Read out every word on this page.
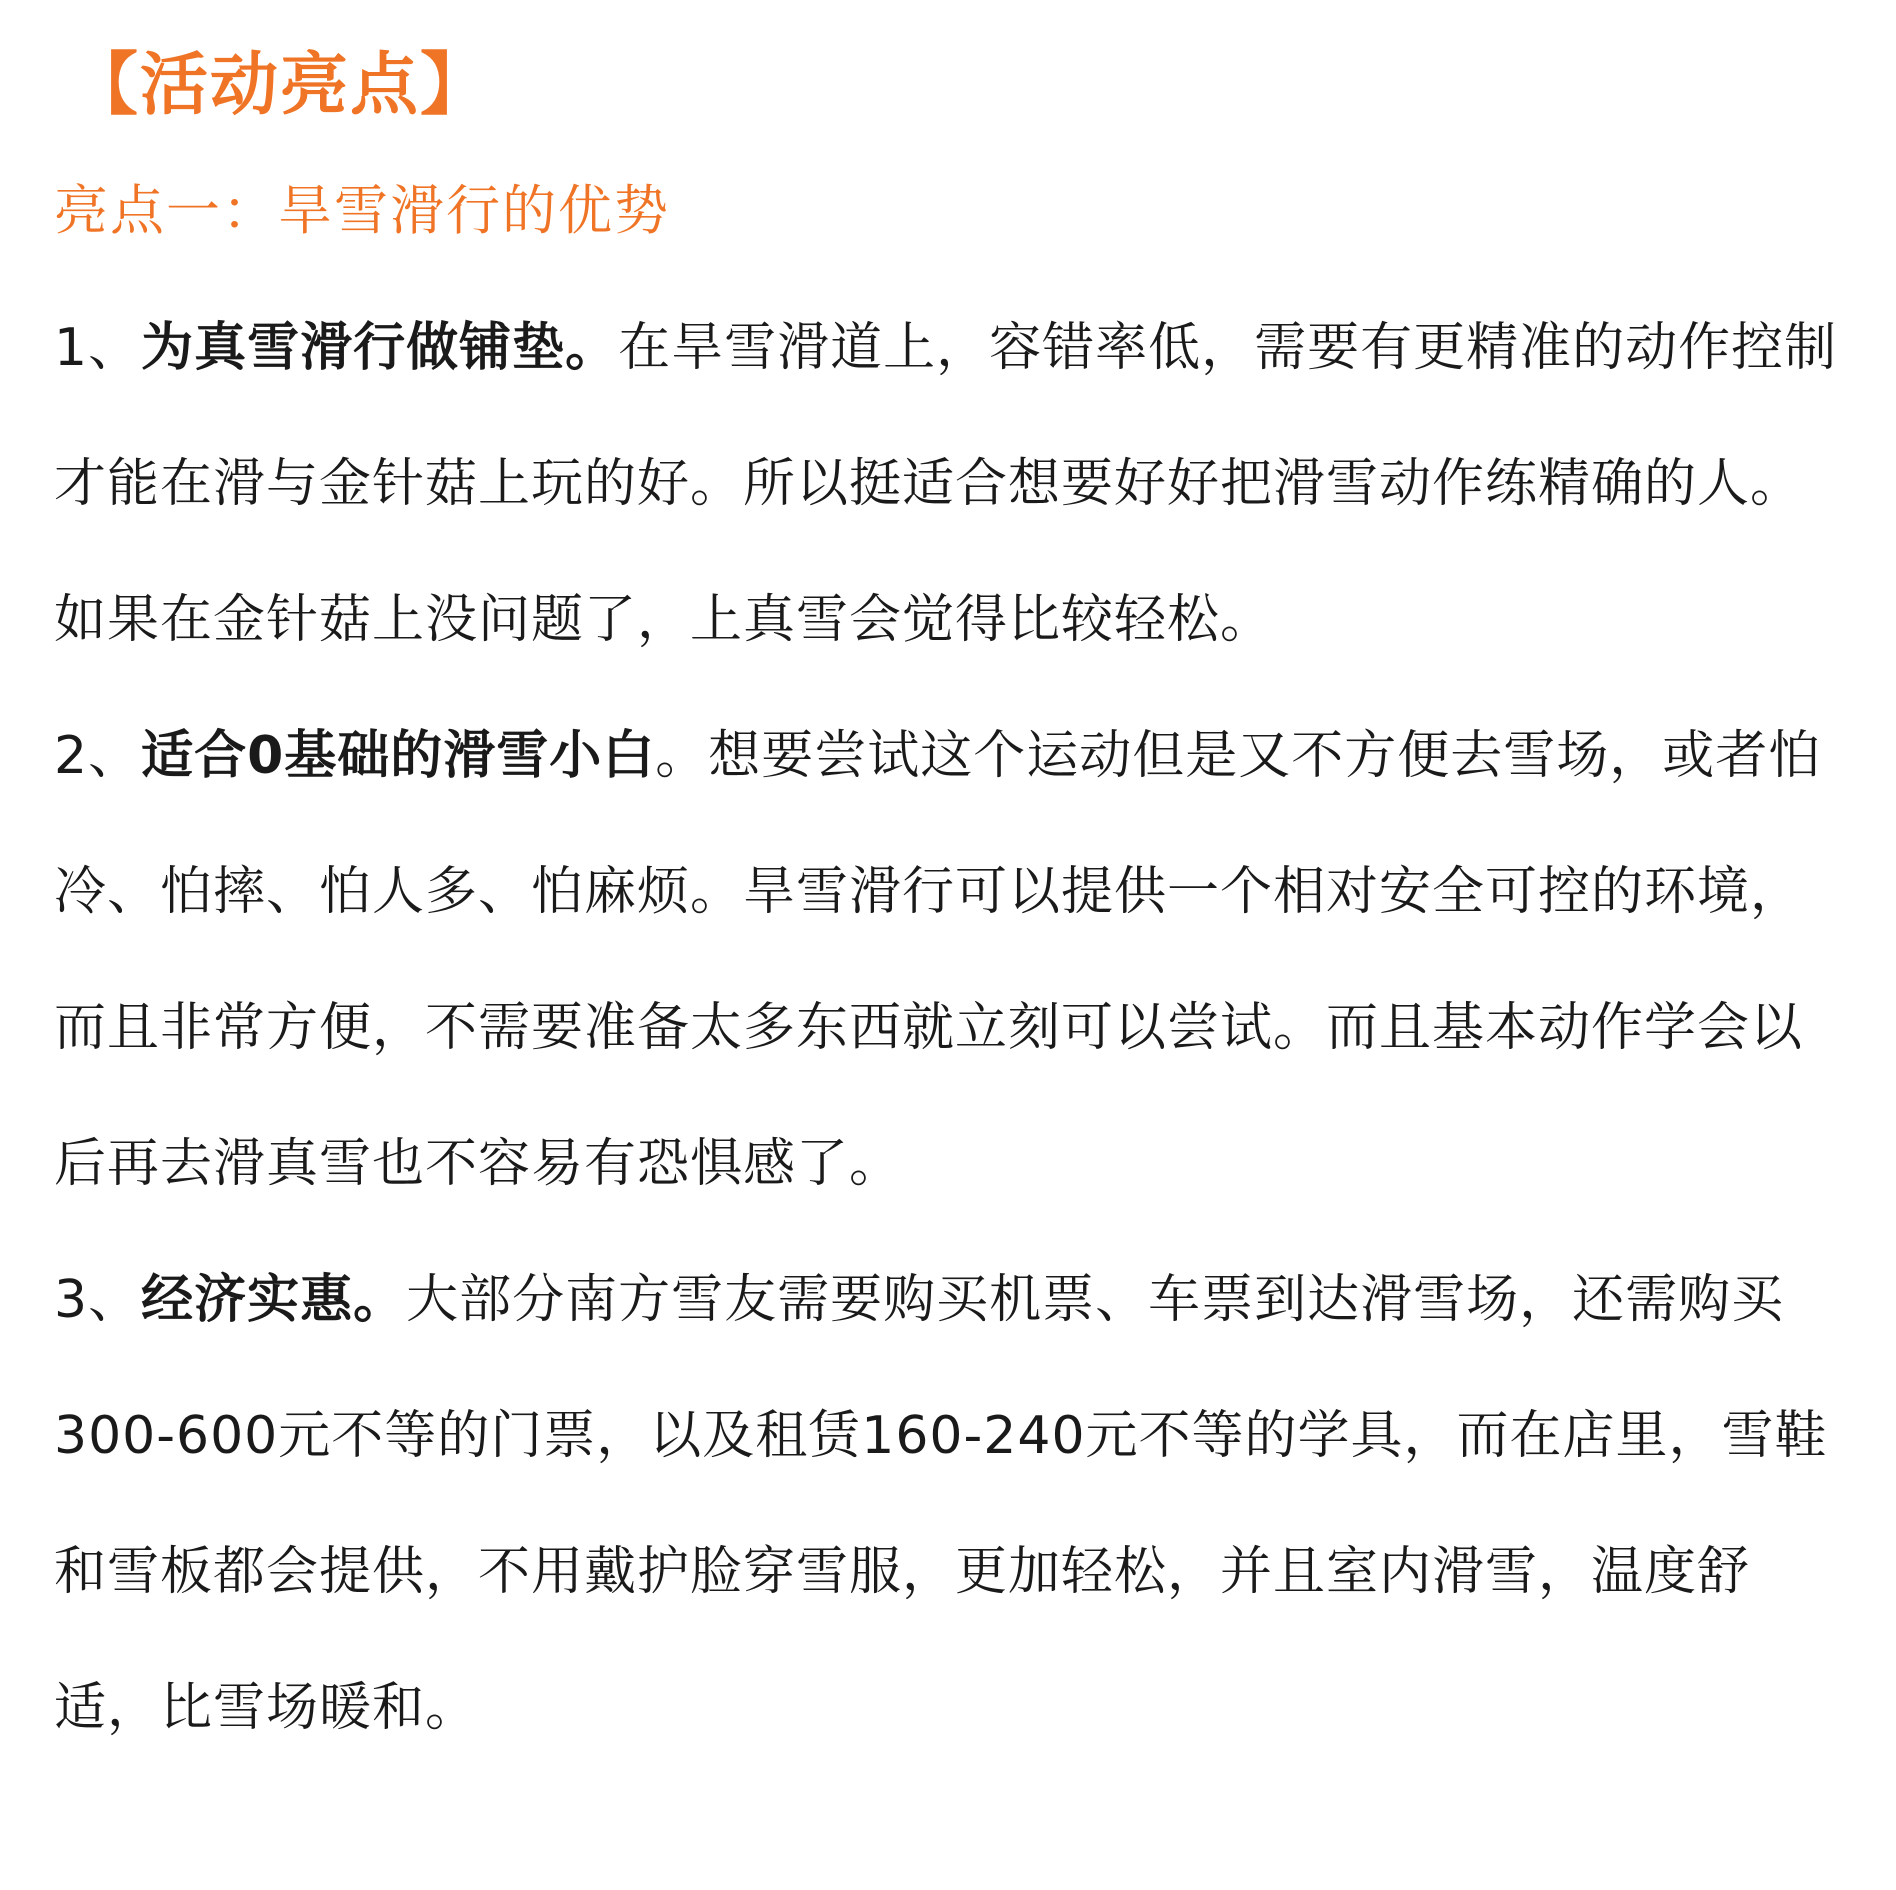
【活动亮点】
亮点一：旱雪滑行的优势
1、为真雪滑行做铺垫。在旱雪滑道上，容错率低，需要有更精准的动作控制才能在滑与金针菇上玩的好。所以挺适合想要好好把滑雪动作练精确的人。如果在金针菇上没问题了，上真雪会觉得比较轻松。
2、适合0基础的滑雪小白。想要尝试这个运动但是又不方便去雪场，或者怕冷、怕摔、怕人多、怕麻烦。旱雪滑行可以提供一个相对安全可控的环境，而且非常方便，不需要准备太多东西就立刻可以尝试。而且基本动作学会以后再去滑真雪也不容易有恐惧感了。
3、经济实惠。大部分南方雪友需要购买机票、车票到达滑雪场，还需购买300-600元不等的门票，以及租赁160-240元不等的学具，而在店里，雪鞋和雪板都会提供，不用戴护脸穿雪服，更加轻松，并且室内滑雪，温度舒适，比雪场暖和。
